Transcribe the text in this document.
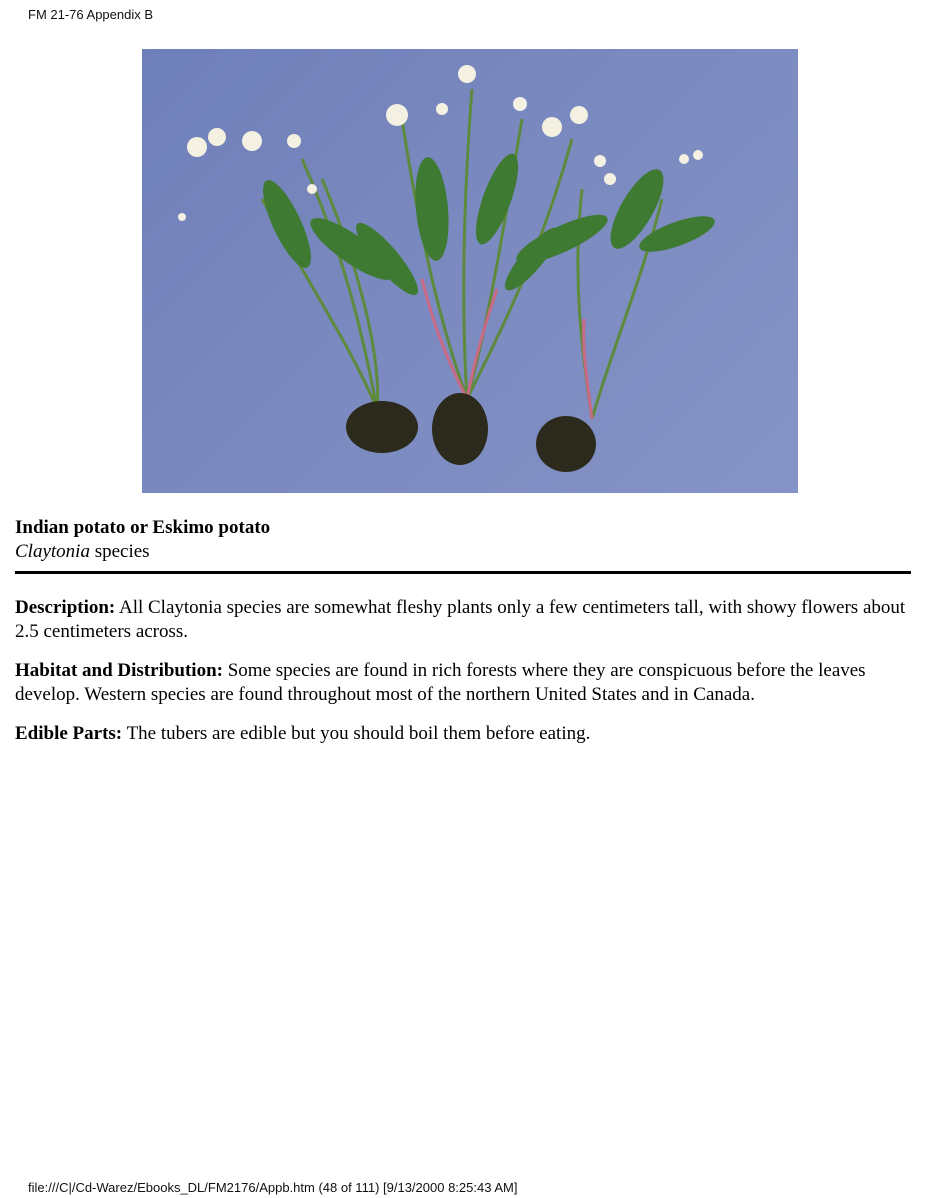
FM 21-76 Appendix B
Indian potato or Eskimo potato
Claytonia species
Description: All Claytonia species are somewhat fleshy plants only a few centimeters tall, with showy flowers about 2.5 centimeters across.
Habitat and Distribution: Some species are found in rich forests where they are conspicuous before the leaves develop. Western species are found throughout most of the northern United States and in Canada.
Edible Parts: The tubers are edible but you should boil them before eating.
file:///C|/Cd-Warez/Ebooks_DL/FM2176/Appb.htm (48 of 111) [9/13/2000 8:25:43 AM]
